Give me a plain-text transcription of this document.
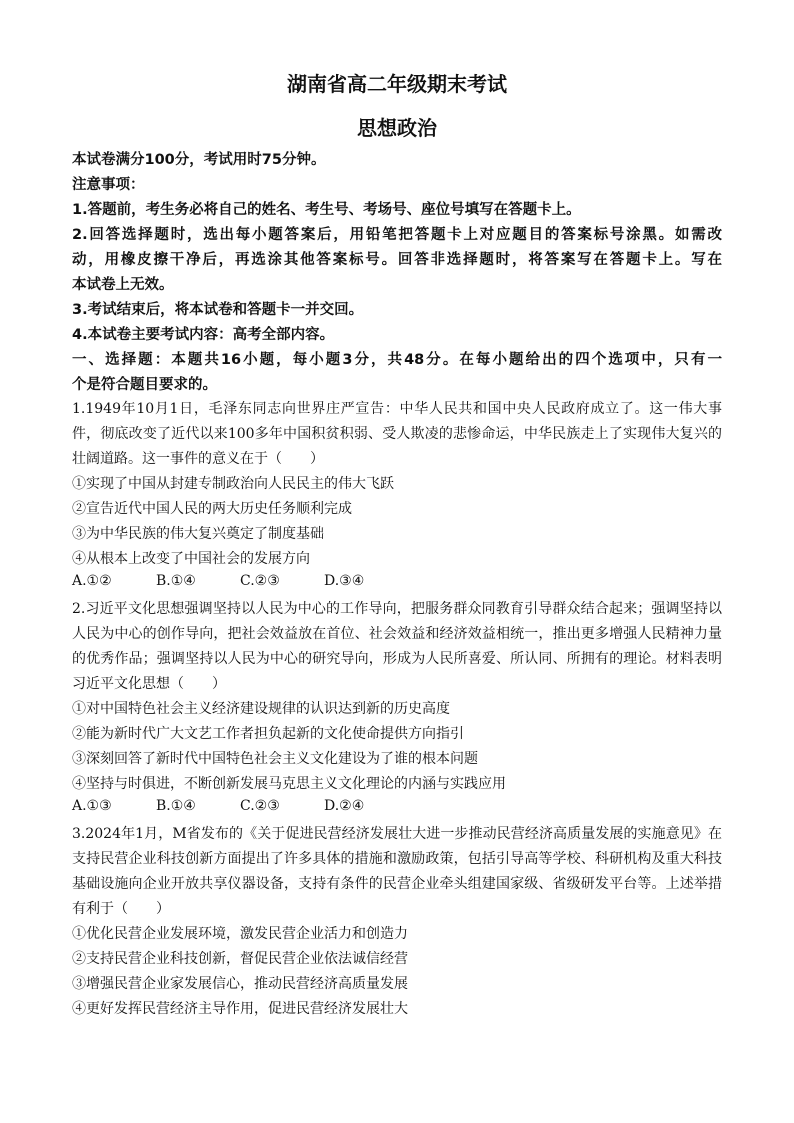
湖南省高二年级期末考试
思想政治
本试卷满分100分，考试用时75分钟。
注意事项：
1.答题前，考生务必将自己的姓名、考生号、考场号、座位号填写在答题卡上。
2.回答选择题时，选出每小题答案后，用铅笔把答题卡上对应题目的答案标号涂黑。如需改
动，用橡皮擦干净后，再选涂其他答案标号。回答非选择题时，将答案写在答题卡上。写在
本试卷上无效。
3.考试结束后，将本试卷和答题卡一并交回。
4.本试卷主要考试内容：高考全部内容。
一、选择题：本题共16小题，每小题3分，共48分。在每小题给出的四个选项中，只有一
个是符合题目要求的。
1.1949年10月1日，毛泽东同志向世界庄严宣告：中华人民共和国中央人民政府成立了。这一伟大事
件，彻底改变了近代以来100多年中国积贫积弱、受人欺凌的悲惨命运，中华民族走上了实现伟大复兴的
壮阔道路。这一事件的意义在于（　　）
①实现了中国从封建专制政治向人民民主的伟大飞跃
②宣告近代中国人民的两大历史任务顺利完成
③为中华民族的伟大复兴奠定了制度基础
④从根本上改变了中国社会的发展方向
A.①②	B.①④	C.②③	D.③④
2.习近平文化思想强调坚持以人民为中心的工作导向，把服务群众同教育引导群众结合起来；强调坚持以
人民为中心的创作导向，把社会效益放在首位、社会效益和经济效益相统一，推出更多增强人民精神力量
的优秀作品；强调坚持以人民为中心的研究导向，形成为人民所喜爱、所认同、所拥有的理论。材料表明
习近平文化思想（　　）
①对中国特色社会主义经济建设规律的认识达到新的历史高度
②能为新时代广大文艺工作者担负起新的文化使命提供方向指引
③深刻回答了新时代中国特色社会主义文化建设为了谁的根本问题
④坚持与时俱进，不断创新发展马克思主义文化理论的内涵与实践应用
A.①③	B.①④	C.②③	D.②④
3.2024年1月，M省发布的《关于促进民营经济发展壮大进一步推动民营经济高质量发展的实施意见》在
支持民营企业科技创新方面提出了许多具体的措施和激励政策，包括引导高等学校、科研机构及重大科技
基础设施向企业开放共享仪器设备，支持有条件的民营企业牵头组建国家级、省级研发平台等。上述举措
有利于（　　）
①优化民营企业发展环境，激发民营企业活力和创造力
②支持民营企业科技创新，督促民营企业依法诚信经营
③增强民营企业家发展信心，推动民营经济高质量发展
④更好发挥民营经济主导作用，促进民营经济发展壮大
